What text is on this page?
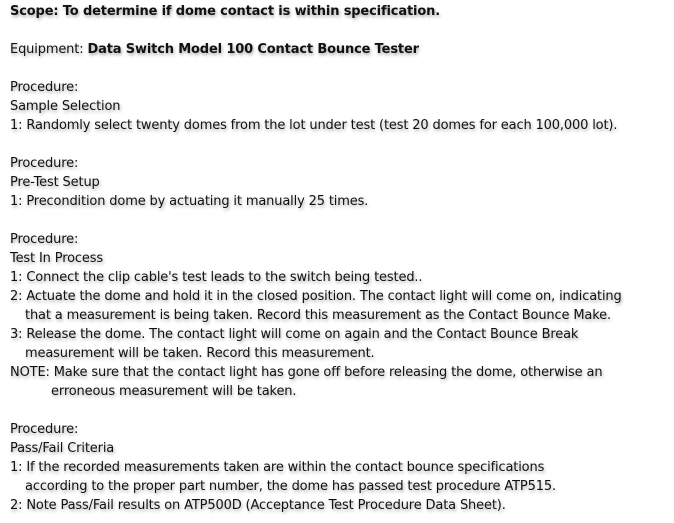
Scope: To determine if dome contact is within specification.
Equipment: Data Switch Model 100 Contact Bounce Tester
Procedure:
Sample Selection
1: Randomly select twenty domes from the lot under test (test 20 domes for each 100,000 lot).
Procedure:
Pre-Test Setup
1: Precondition dome by actuating it manually 25 times.
Procedure:
Test In Process
1: Connect the clip cable's test leads to the switch being tested..
2: Actuate the dome and hold it in the closed position. The contact light will come on, indicating
that a measurement is being taken. Record this measurement as the Contact Bounce Make.
3: Release the dome. The contact light will come on again and the Contact Bounce Break
measurement will be taken. Record this measurement.
NOTE: Make sure that the contact light has gone off before releasing the dome, otherwise an
erroneous measurement will be taken.
Procedure:
Pass/Fail Criteria
1: If the recorded measurements taken are within the contact bounce specifications
according to the proper part number, the dome has passed test procedure ATP515.
2: Note Pass/Fail results on ATP500D (Acceptance Test Procedure Data Sheet).
